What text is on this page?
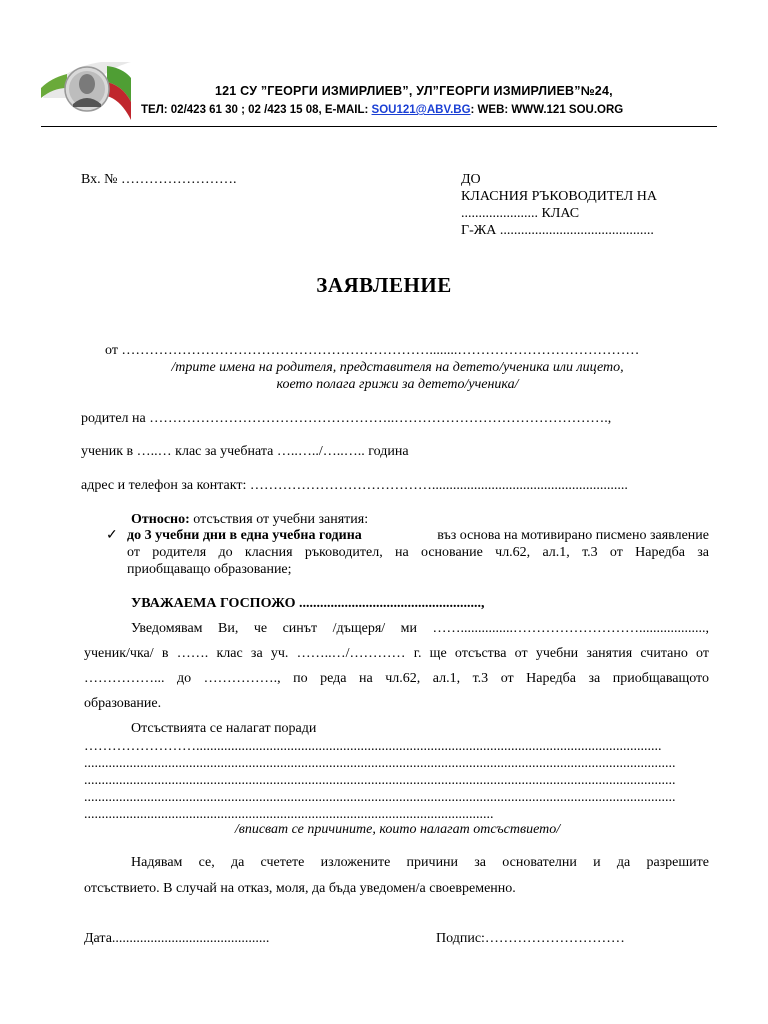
121 СУ ”ГЕОРГИ ИЗМИРЛИЕВ”, УЛ”ГЕОРГИ ИЗМИРЛИЕВ”№24,
ТЕЛ: 02/423 61 30 ; 02 /423 15 08, E-MAIL: SOU121@ABV.BG: WEB: WWW.121 SOU.ORG
Вх. № …………………….	ДО
КЛАСНИЯ РЪКОВОДИТЕЛ НА
...................... КЛАС
Г-ЖА ............................................
ЗАЯВЛЕНИЕ
от …………………………………………………………........…………………………………
/трите имена на родителя, представителя на детето/ученика или лицето,
което полага грижи за детето/ученика/
родител на ……………………………………………..……………………………………….,
ученик в …..… клас за учебната …..…../…..….. година
адрес и телефон за контакт: …………………………………........................................................
Относно: отсъствия от учебни занятия:
✓ до 3 учебни дни в една учебна година	въз основа на мотивирано писмено заявление
от родителя до класния ръководител, на основание чл.62, ал.1, т.3 от Наредба за
приобщаващо образование;
УВАЖАЕМА ГОСПОЖО ....................................................,
Уведомявам Ви, че синът /дъщеря/ ми ……...............………………………...................,
ученик/чка/ в ……. клас за уч. ……..…/………… г. ще отсъства от учебни занятия считано от
……………... до ……………., по реда на чл.62, ал.1, т.3 от Наредба за приобщаващото
образование.
Отсъствията се налагат поради
…………………….....................................................................................................................................
.........................................................................................................................................................................
.........................................................................................................................................................................
.........................................................................................................................................................................
.....................................................................................................................
/вписват се причините, които налагат отсъствието/
Надявам се, да счетете изложените причини за основателни и да разрешите
отсъствието. В случай на отказ, моля, да бъда уведомен/а своевременно.
Дата.............................................	Подпис:…………………………
